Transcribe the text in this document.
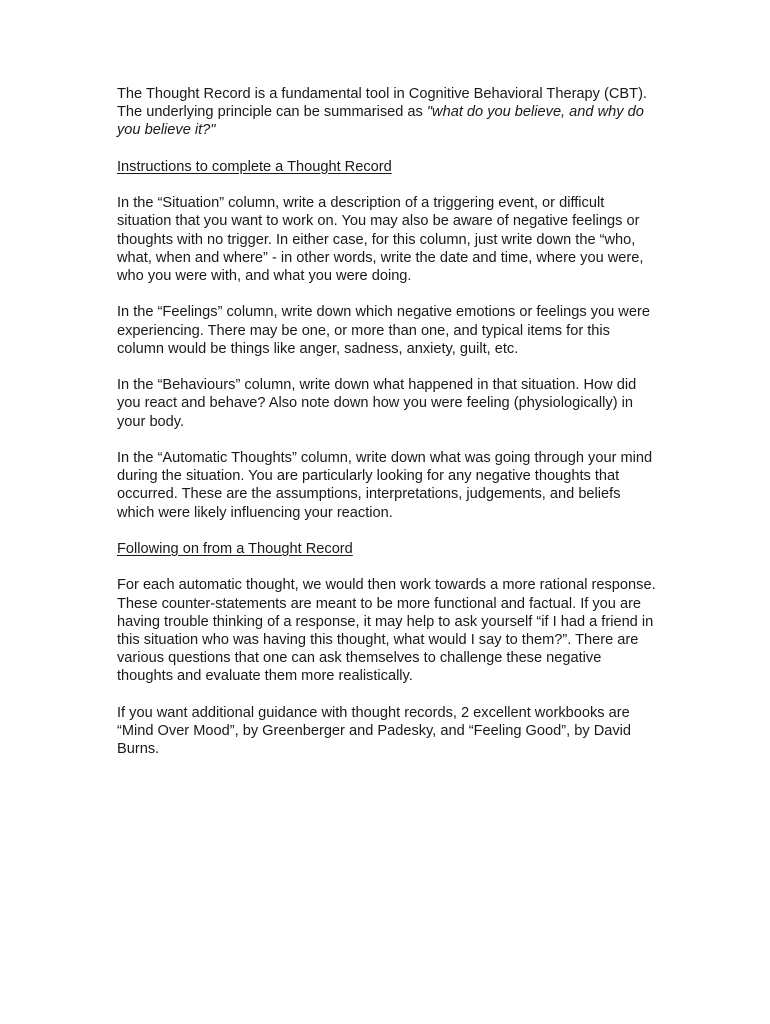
The Thought Record is a fundamental tool in Cognitive Behavioral Therapy (CBT). The underlying principle can be summarised as "what do you believe, and why do you believe it?"

Instructions to complete a Thought Record

In the “Situation” column, write a description of a triggering event, or difficult situation that you want to work on. You may also be aware of negative feelings or thoughts with no trigger. In either case, for this column, just write down the “who, what, when and where” - in other words, write the date and time, where you were, who you were with, and what you were doing.

In the “Feelings” column, write down which negative emotions or feelings you were experiencing. There may be one, or more than one, and typical items for this column would be things like anger, sadness, anxiety, guilt, etc.

In the “Behaviours” column, write down what happened in that situation. How did you react and behave? Also note down how you were feeling (physiologically) in your body.

In the “Automatic Thoughts” column, write down what was going through your mind during the situation. You are particularly looking for any negative thoughts that occurred. These are the assumptions, interpretations, judgements, and beliefs which were likely influencing your reaction.

Following on from a Thought Record

For each automatic thought, we would then work towards a more rational response. These counter-statements are meant to be more functional and factual. If you are having trouble thinking of a response, it may help to ask yourself “if I had a friend in this situation who was having this thought, what would I say to them?”. There are various questions that one can ask themselves to challenge these negative thoughts and evaluate them more realistically.

If you want additional guidance with thought records, 2 excellent workbooks are “Mind Over Mood”, by Greenberger and Padesky, and “Feeling Good”, by David Burns.
